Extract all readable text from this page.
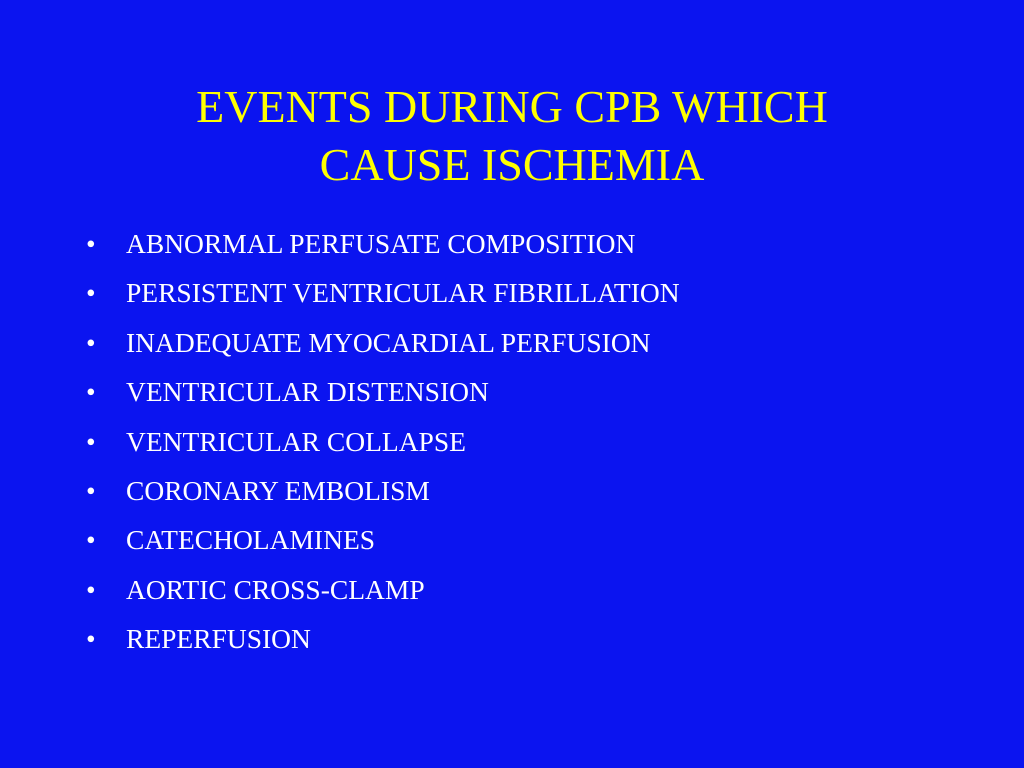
EVENTS DURING CPB WHICH
CAUSE ISCHEMIA
•	ABNORMAL PERFUSATE COMPOSITION
•	PERSISTENT VENTRICULAR FIBRILLATION
•	INADEQUATE MYOCARDIAL PERFUSION
•	VENTRICULAR DISTENSION
•	VENTRICULAR COLLAPSE
•	CORONARY EMBOLISM
•	CATECHOLAMINES
•	AORTIC CROSS-CLAMP
•	REPERFUSION
